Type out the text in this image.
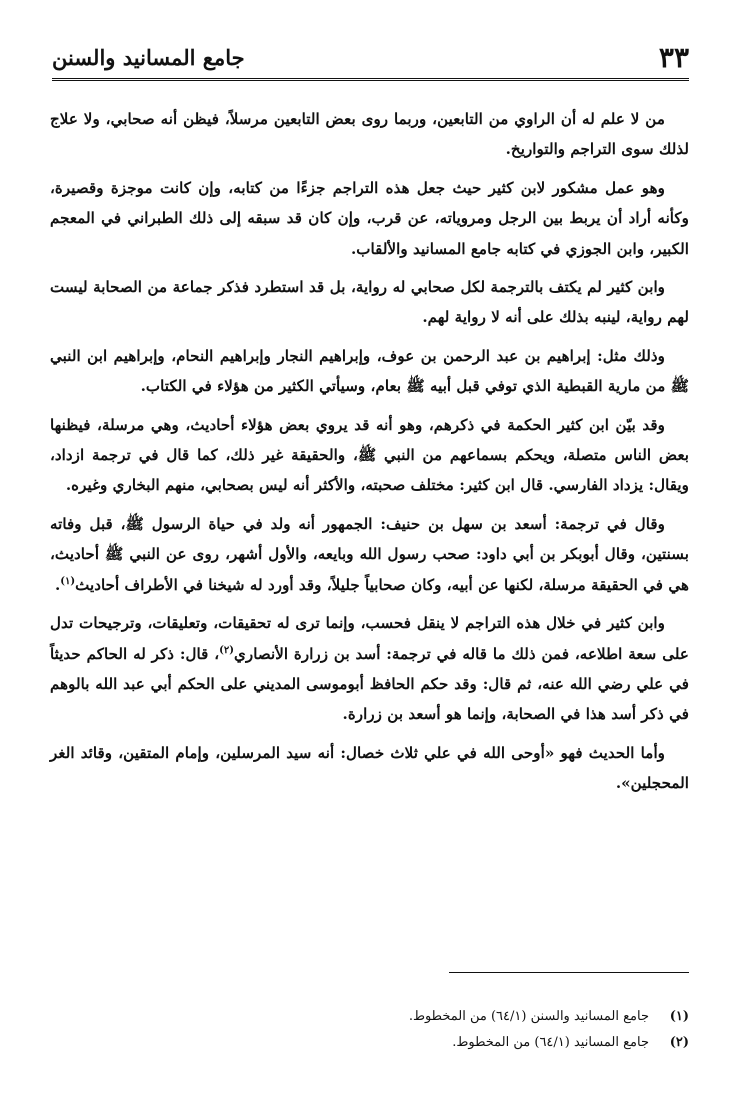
٣٣
جامع المسانيد والسنن

من لا علم له أن الراوي من التابعين، وربما روى بعض التابعين مرسلاً، فيظن أنه صحابي، ولا علاج لذلك سوى التراجم والتواريخ.

وهو عمل مشكور لابن كثير حيث جعل هذه التراجم جزءًا من كتابه، وإن كانت موجزة وقصيرة، وكأنه أراد أن يربط بين الرجل ومروياته، عن قرب، وإن كان قد سبقه إلى ذلك الطبراني في المعجم الكبير، وابن الجوزي في كتابه جامع المسانيد والألقاب.

وابن كثير لم يكتف بالترجمة لكل صحابي له رواية، بل قد استطرد فذكر جماعة من الصحابة ليست لهم رواية، لينبه بذلك على أنه لا رواية لهم.

وذلك مثل: إبراهيم بن عبد الرحمن بن عوف، وإبراهيم النجار وإبراهيم النحام، وإبراهيم ابن النبي ﷺ من مارية القبطية الذي توفي قبل أبيه ﷺ بعام، وسيأتي الكثير من هؤلاء في الكتاب.

وقد بيّن ابن كثير الحكمة في ذكرهم، وهو أنه قد يروي بعض هؤلاء أحاديث، وهي مرسلة، فيظنها بعض الناس متصلة، ويحكم بسماعهم من النبي ﷺ، والحقيقة غير ذلك، كما قال في ترجمة ازداد، ويقال: يزداد الفارسي. قال ابن كثير: مختلف صحبته، والأكثر أنه ليس بصحابي، منهم البخاري وغيره.

وقال في ترجمة: أسعد بن سهل بن حنيف: الجمهور أنه ولد في حياة الرسول ﷺ، قبل وفاته بسنتين، وقال أبوبكر بن أبي داود: صحب رسول الله وبايعه، والأول أشهر، روى عن النبي ﷺ أحاديث، هي في الحقيقة مرسلة، لكنها عن أبيه، وكان صحابياً جليلاً، وقد أورد له شيخنا في الأطراف أحاديث$^{(١)}$.

وابن كثير في خلال هذه التراجم لا ينقل فحسب، وإنما ترى له تحقيقات، وتعليقات، وترجيحات تدل على سعة اطلاعه، فمن ذلك ما قاله في ترجمة: أسد بن زرارة الأنصاري$^{(٢)}$، قال: ذكر له الحاكم حديثاً في علي رضي الله عنه، ثم قال: وقد حكم الحافظ أبوموسى المديني على الحكم أبي عبد الله بالوهم في ذكر أسد هذا في الصحابة، وإنما هو أسعد بن زرارة.

وأما الحديث فهو «أوحى الله في علي ثلاث خصال: أنه سيد المرسلين، وإمام المتقين، وقائد الغر المحجلين».

(١)
جامع المسانيد والسنن (٦٤/١) من المخطوط.
(٢)
جامع المسانيد (٦٤/١) من المخطوط.
